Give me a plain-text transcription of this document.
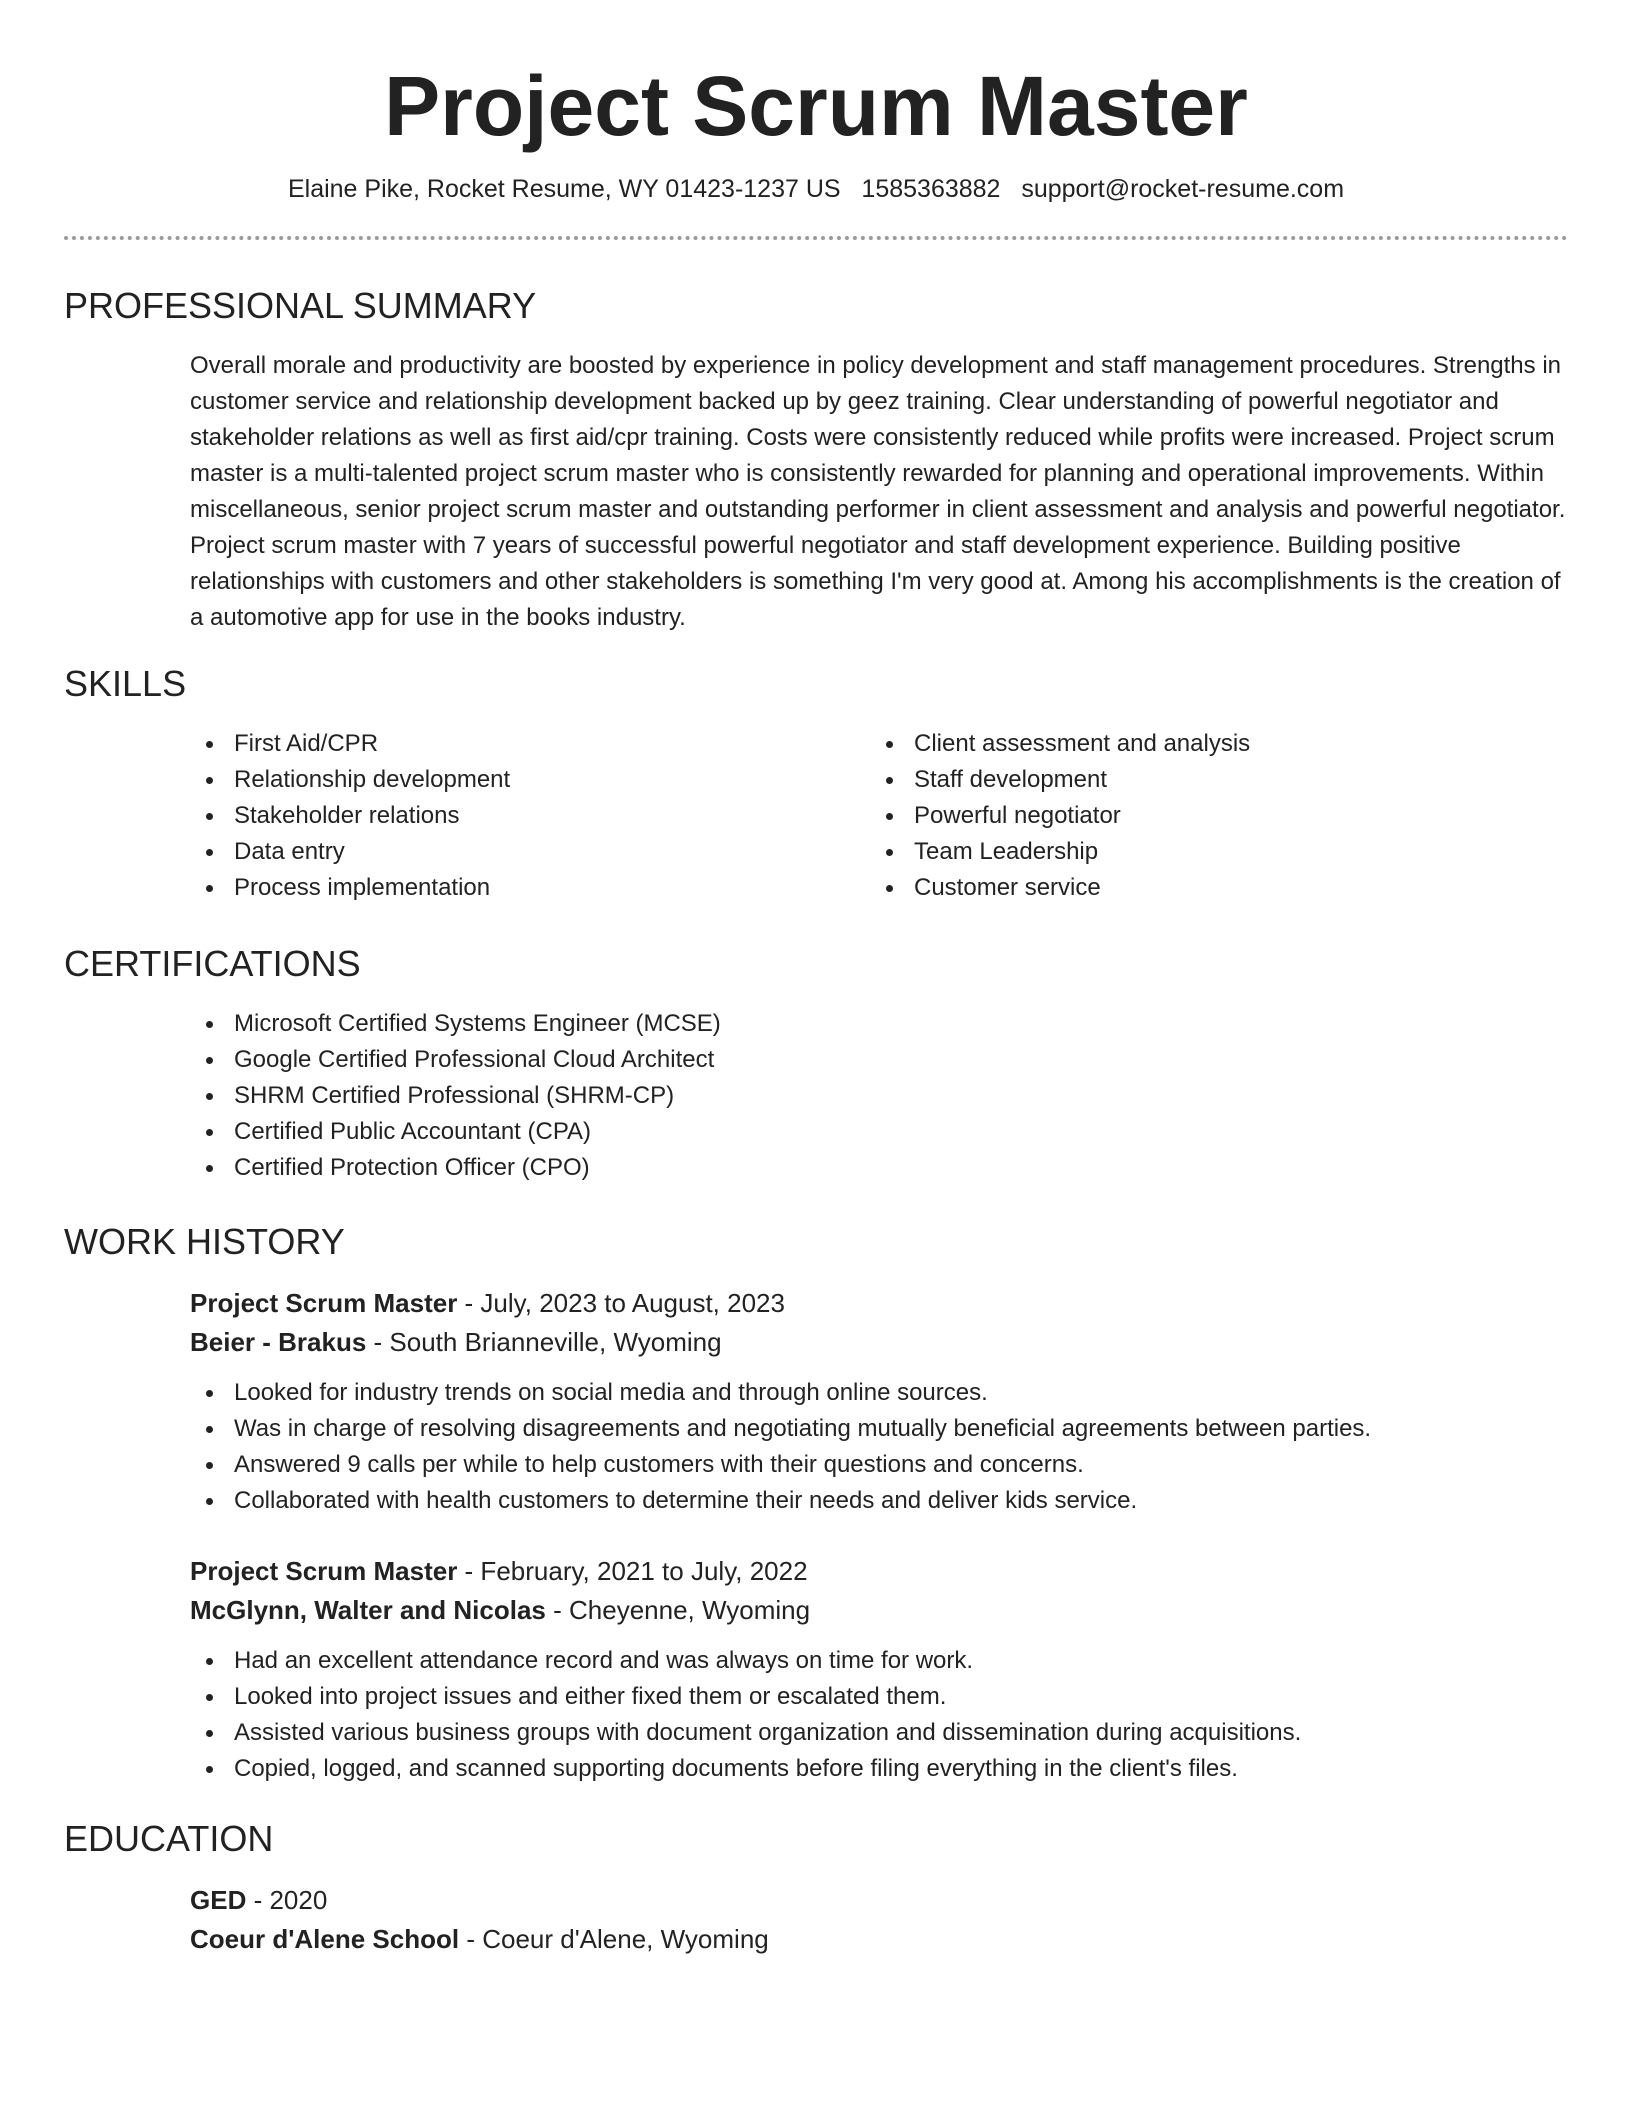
Project Scrum Master
Elaine Pike, Rocket Resume, WY 01423-1237 US 1585363882 support@rocket-resume.com
PROFESSIONAL SUMMARY

Overall morale and productivity are boosted by experience in policy development and staff management procedures. Strengths in customer service and relationship development backed up by geez training. Clear understanding of powerful negotiator and stakeholder relations as well as first aid/cpr training. Costs were consistently reduced while profits were increased. Project scrum master is a multi-talented project scrum master who is consistently rewarded for planning and operational improvements. Within miscellaneous, senior project scrum master and outstanding performer in client assessment and analysis and powerful negotiator. Project scrum master with 7 years of successful powerful negotiator and staff development experience. Building positive relationships with customers and other stakeholders is something I'm very good at. Among his accomplishments is the creation of a automotive app for use in the books industry.

SKILLS
First Aid/CPR
Relationship development
Stakeholder relations
Data entry
Process implementation
Client assessment and analysis
Staff development
Powerful negotiator
Team Leadership
Customer service
CERTIFICATIONS
Microsoft Certified Systems Engineer (MCSE)
Google Certified Professional Cloud Architect
SHRM Certified Professional (SHRM-CP)
Certified Public Accountant (CPA)
Certified Protection Officer (CPO)
WORK HISTORY
Project Scrum Master - July, 2023 to August, 2023
Beier - Brakus - South Brianneville, Wyoming
Looked for industry trends on social media and through online sources.
Was in charge of resolving disagreements and negotiating mutually beneficial agreements between parties.
Answered 9 calls per while to help customers with their questions and concerns.
Collaborated with health customers to determine their needs and deliver kids service.
Project Scrum Master - February, 2021 to July, 2022
McGlynn, Walter and Nicolas - Cheyenne, Wyoming
Had an excellent attendance record and was always on time for work.
Looked into project issues and either fixed them or escalated them.
Assisted various business groups with document organization and dissemination during acquisitions.
Copied, logged, and scanned supporting documents before filing everything in the client's files.
EDUCATION
GED - 2020
Coeur d'Alene School - Coeur d'Alene, Wyoming
